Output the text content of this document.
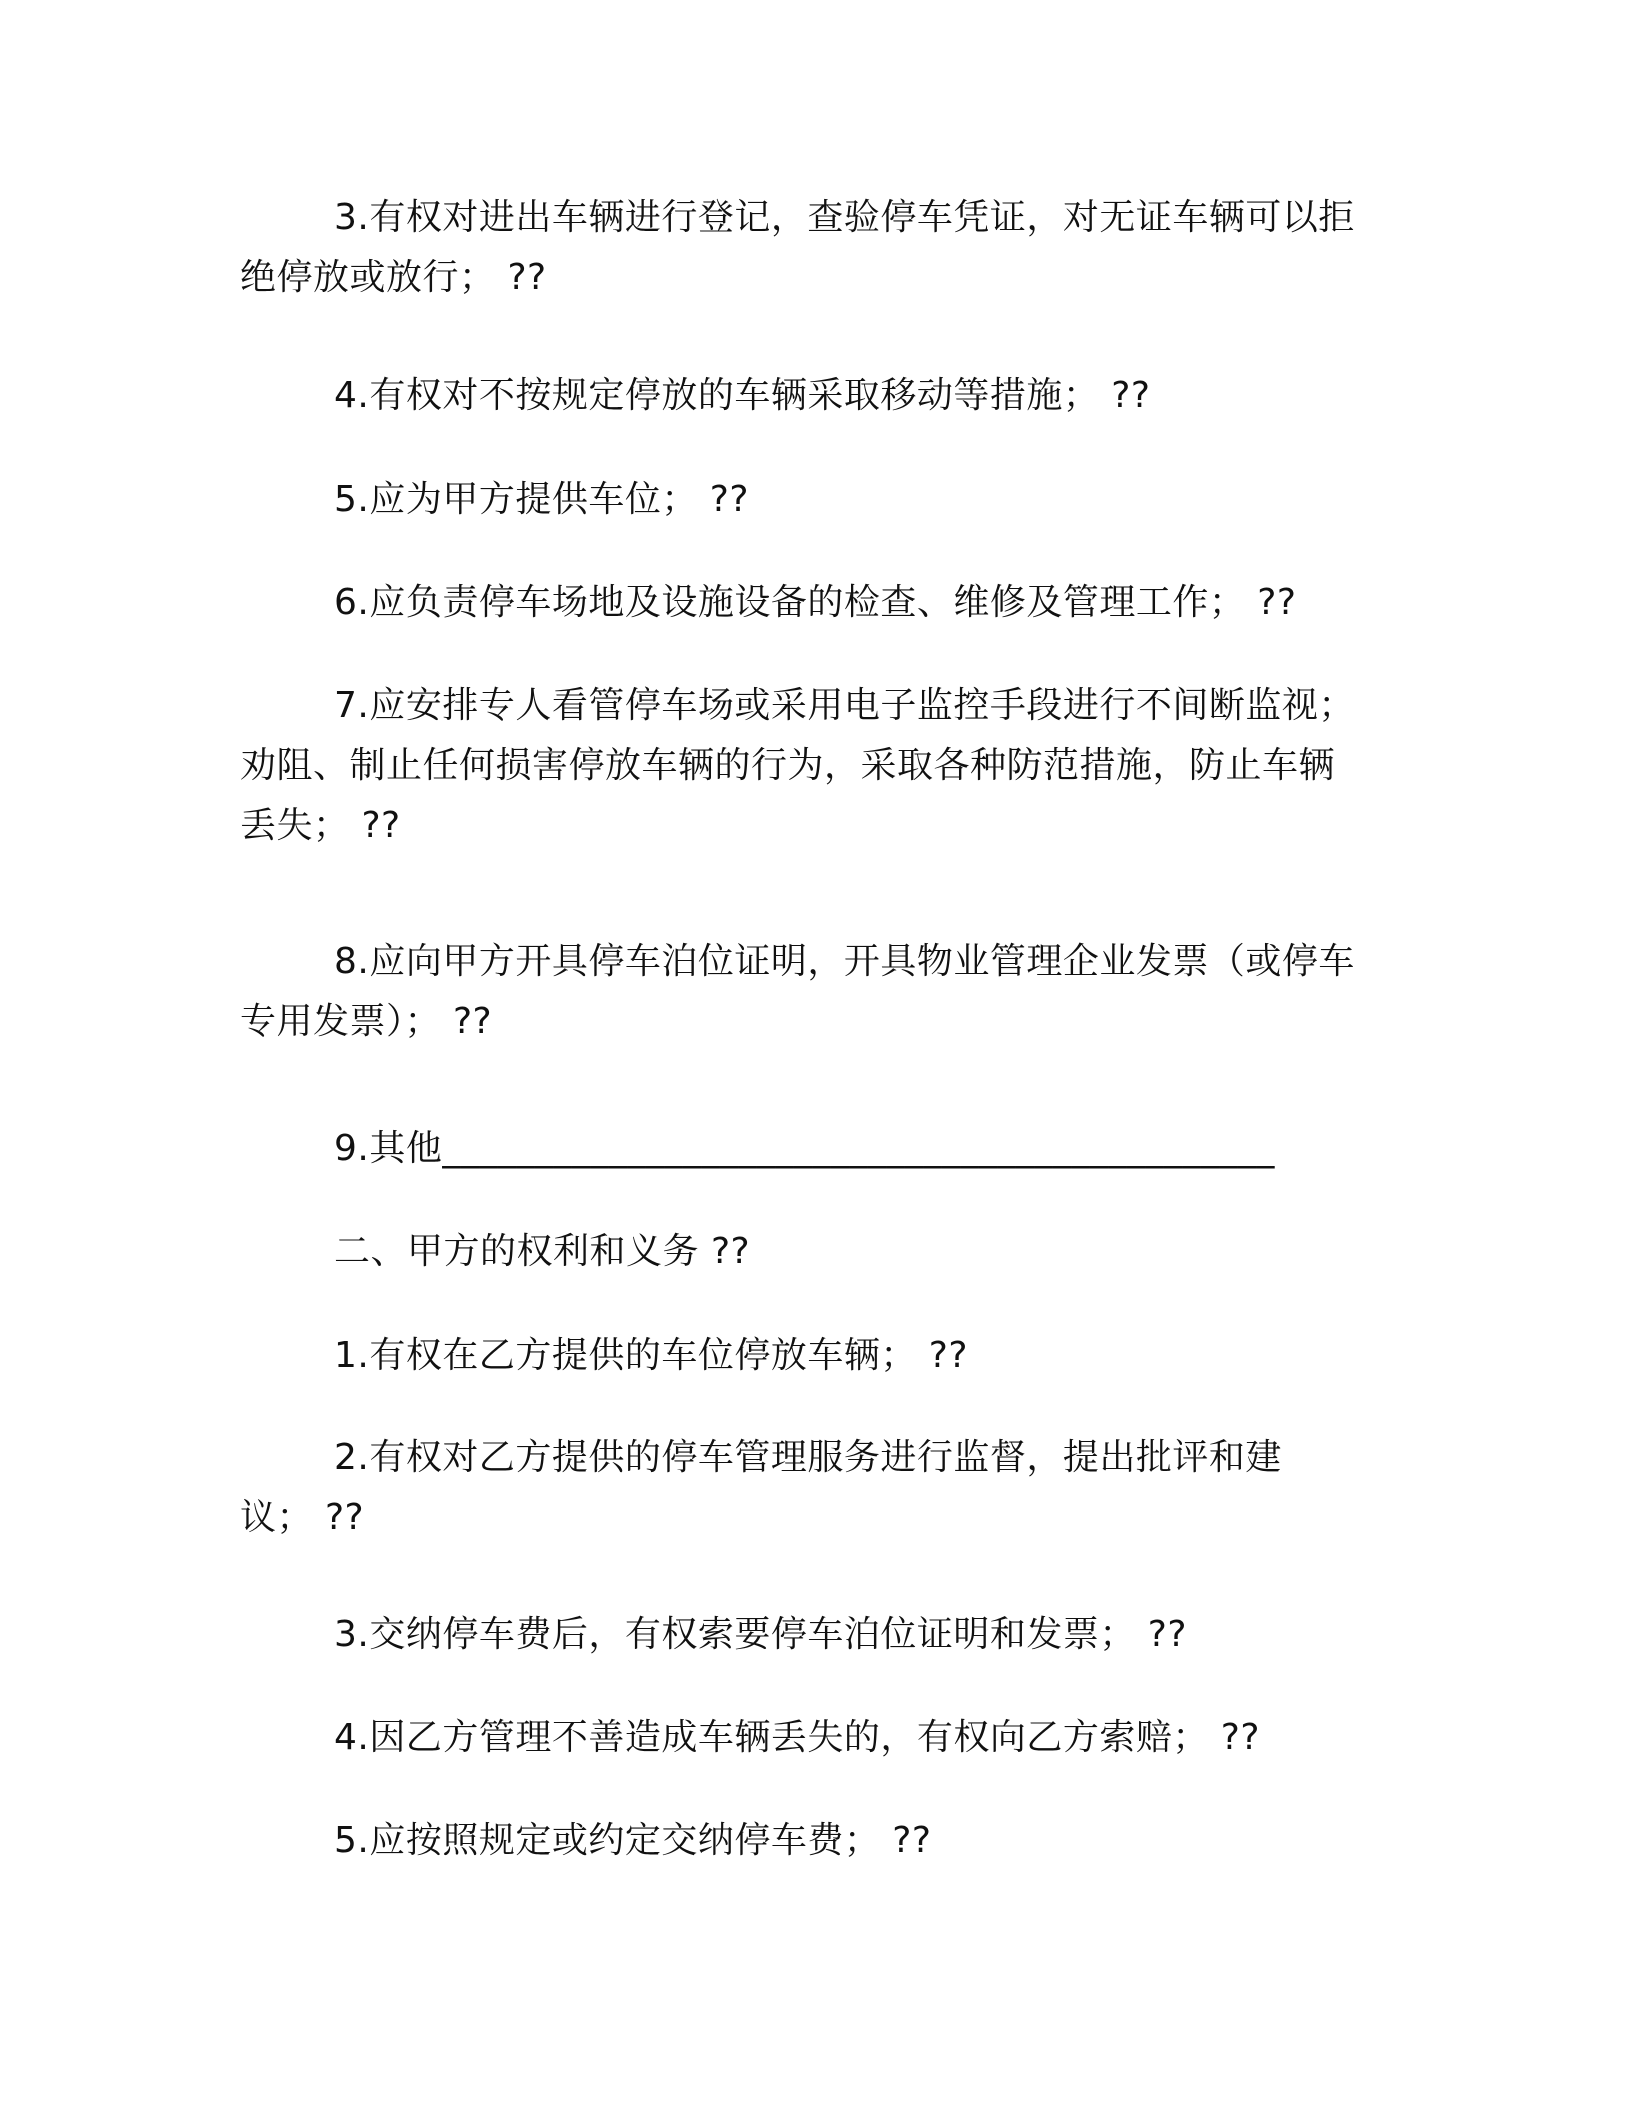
3.有权对进出车辆进行登记，查验停车凭证，对无证车辆可以拒
绝停放或放行； ??
4.有权对不按规定停放的车辆采取移动等措施； ??
5.应为甲方提供车位； ??
6.应负责停车场地及设施设备的检查、维修及管理工作； ??
7.应安排专人看管停车场或采用电子监控手段进行不间断监视；
劝阻、制止任何损害停放车辆的行为，采取各种防范措施，防止车辆
丢失； ??
8.应向甲方开具停车泊位证明，开具物业管理企业发票（或停车
专用发票）； ??
9.其他_____________________________________________
二、甲方的权利和义务 ??
1.有权在乙方提供的车位停放车辆； ??
2.有权对乙方提供的停车管理服务进行监督，提出批评和建
议； ??
3.交纳停车费后，有权索要停车泊位证明和发票； ??
4.因乙方管理不善造成车辆丢失的，有权向乙方索赔； ??
5.应按照规定或约定交纳停车费； ??
